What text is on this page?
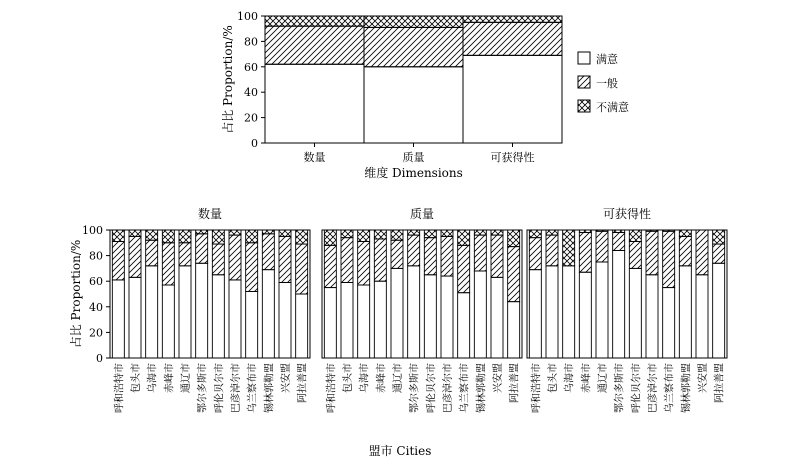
0
20
40
60
80
100
数量	质量	可获得性
维度 Dimensions
占比 Proportion/%	满意
一般
不满意
呼和浩特市 包头市 乌海市 赤峰市 通辽市 鄂尔多斯市 呼伦贝尔市 巴彦淖尔市 乌兰察布市 锡林郭勒盟 兴安盟 阿拉善盟
数量
0
20
40
60
80
100
占比 Proportion/%
呼和浩特市 包头市 乌海市 赤峰市 通辽市 鄂尔多斯市 呼伦贝尔市 巴彦淖尔市 乌兰察布市 锡林郭勒盟 兴安盟 阿拉善盟
质量
呼和浩特市 包头市 乌海市 赤峰市 通辽市 鄂尔多斯市 呼伦贝尔市 巴彦淖尔市 乌兰察布市 锡林郭勒盟 兴安盟 阿拉善盟
可获得性
盟市 Cities
